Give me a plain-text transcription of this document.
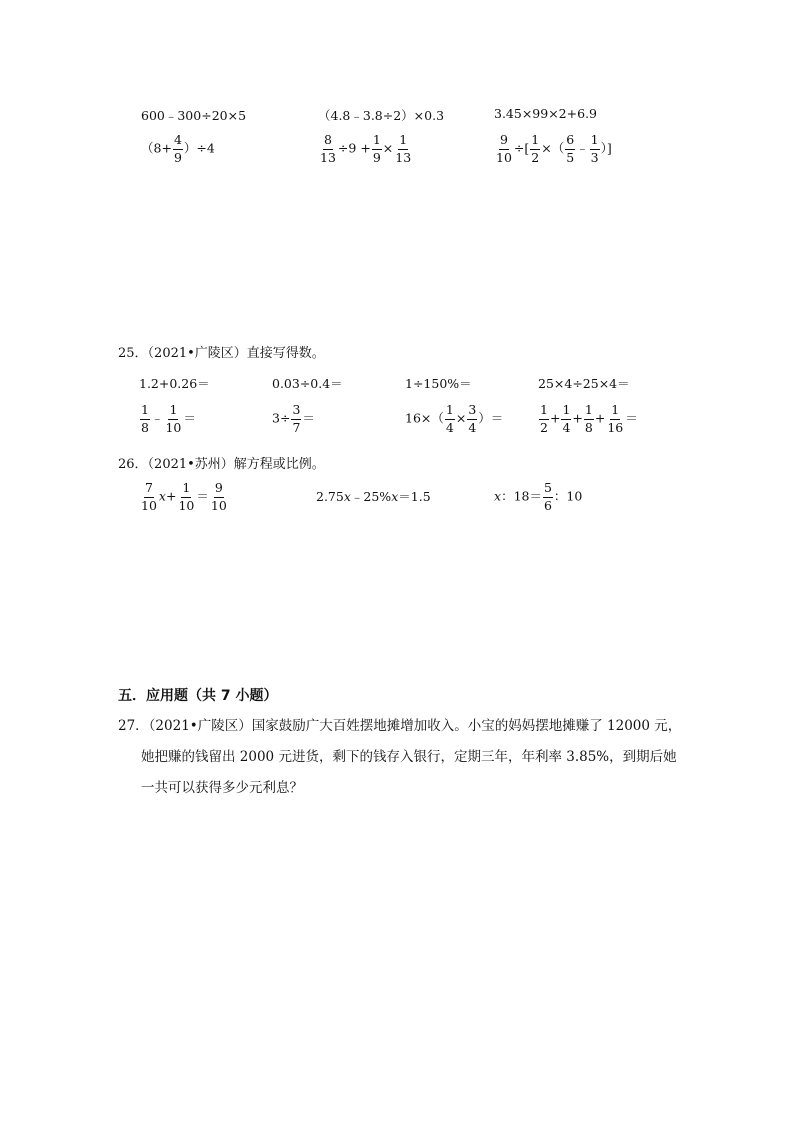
600﹣300÷20×5	（4.8﹣3.8÷2）×0.3	3.45×99×2+6.9
$(8+ \frac{4}{9} )\div 4$	$\frac{8}{13} \div 9 + \frac{1}{9} \times \frac{1}{13}$	$\frac{9}{10}$ ÷[ $\frac{1}{2}$ ×（ $\frac{6}{5}$ ﹣ $\frac{1}{3}$ ）]
25．（2021•广陵区）直接写得数。
1.2+0.26＝	0.03÷0.4＝	1÷150%＝	25×4÷25×4＝
$\frac{1}{8}$ ﹣ $\frac{1}{10}$ ＝	$3\div \frac{3}{7}$ ＝	$16\times( \frac{1}{4} \times \frac{3}{4}$ ）＝	$\frac{1}{2} + \frac{1}{4} + \frac{1}{8} + \frac{1}{16}$ ＝
26．（2021•苏州）解方程或比例。
$\frac{7}{10} x+ \frac{1}{10} = \frac{9}{10}$	2.75x﹣25%x＝1.5	x：$18= \frac{5}{6}$ ：10
五．应用题（共 7 小题）
27．（2021•广陵区）国家鼓励广大百姓摆地摊增加收入。小宝的妈妈摆地摊赚了 12000 元，
她把赚的钱留出 2000 元进货，剩下的钱存入银行，定期三年，年利率 3.85%，到期后她
一共可以获得多少元利息？
